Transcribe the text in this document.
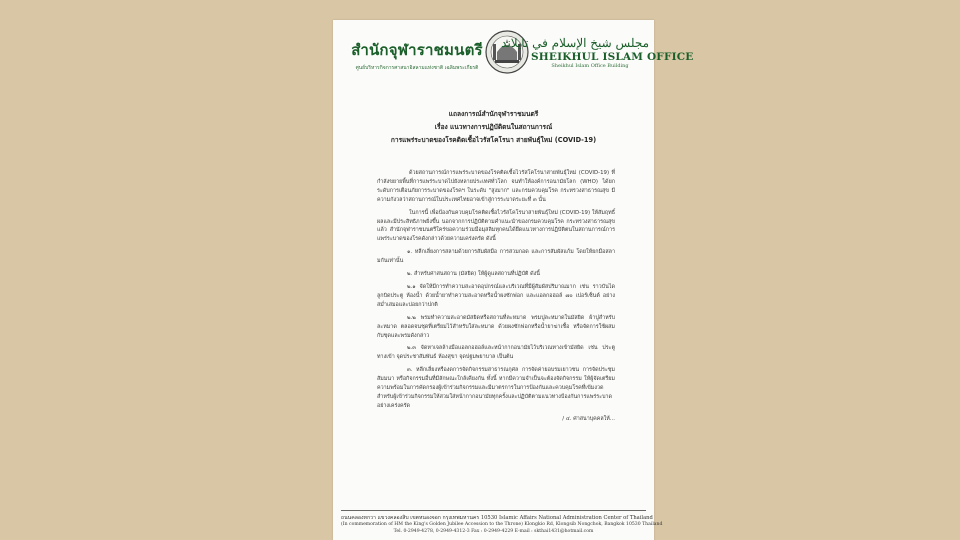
สำนักจุฬาราชมนตรี
ศูนย์บริหารกิจการศาสนาอิสลามแห่งชาติ เฉลิมพระเกียรติ
مجلس شيخ الإسلام في تايلاند
SHEIKHUL ISLAM OFFICE
Sheikhul Islam Office Building
แถลงการณ์สำนักจุฬาราชมนตรี
เรื่อง แนวทางการปฏิบัติตนในสถานการณ์
การแพร่ระบาดของโรคติดเชื้อไวรัสโคโรนา สายพันธุ์ใหม่ (COVID-19)

ด้วยสถานการณ์การแพร่ระบาดของโรคติดเชื้อไวรัสโคโรนาสายพันธุ์ใหม่ (COVID-19) ที่กำลังขยายพื้นที่การแพร่ระบาดไปยังหลายประเทศทั่วโลก จนทำให้องค์การอนามัยโลก (WHO) ได้ยกระดับการเตือนภัยการระบาดของโรคฯ ในระดับ "สูงมาก" และกรมควบคุมโรค กระทรวงสาธารณสุข มีความกังวลว่าสถานการณ์ในประเทศไทยอาจเข้าสู่การระบาดระยะที่ ๓ นั้น

ในการนี้ เพื่อป้องกันควบคุมโรคติดเชื้อไวรัสโคโรนาสายพันธุ์ใหม่ (COVID-19) ให้สัมฤทธิ์ผลและมีประสิทธิภาพยิ่งขึ้น นอกจากการปฏิบัติตามคำแนะนำของกรมควบคุมโรค กระทรวงสาธารณสุข แล้ว สำนักจุฬาราชมนตรีใคร่ขอความร่วมมือมุสลิมทุกคนได้ยึดแนวทางการปฏิบัติตนในสถานการณ์การแพร่ระบาดของโรคดังกล่าวด้วยความเคร่งครัด ดังนี้

๑. หลีกเลี่ยงการสลามด้วยการสัมผัสมือ การสวมกอด และการสัมผัสแก้ม โดยให้ยกมือสลามกันเท่านั้น

๒. สำหรับศาสนสถาน (มัสยิด) ให้ผู้ดูแลสถานที่ปฏิบัติ ดังนี้

๒.๑ จัดให้มีการทำความสะอาดอุปกรณ์และบริเวณที่มีผู้สัมผัสปริมาณมาก เช่น ราวบันได ลูกบิดประตู ห้องน้ำ ด้วยน้ำยาทำความสะอาดหรือน้ำผงซักฟอก และแอลกอฮอล์ ๗๐ เปอร์เซ็นต์ อย่างสม่ำเสมอและบ่อยกว่าปกติ

๒.๒ พรมทำความสะอาดมัสยิดหรือสถานที่ละหมาด พรมปูละหมาดในมัสยิด ผ้าปูสำหรับละหมาด ตลอดจนชุดที่เตรียมไว้สำหรับใส่ละหมาด ด้วยผงซักฟอกหรือน้ำยาฆ่าเชื้อ หรือจัดการใช้ผสมกับชุดและพรมดังกล่าว

๒.๓ จัดหาเจลล้างมือแอลกอฮอล์และหน้ากากอนามัยไว้บริเวณทางเข้ามัสยิด เช่น ประตูทางเข้า จุดประชาสัมพันธ์ ห้องสุขา จุดปฐมพยาบาล เป็นต้น

๓. หลีกเลี่ยงหรืองดการจัดกิจกรรมสาธารณกุศล การจัดค่ายอบรมเยาวชน การจัดประชุมสัมมนา หรือกิจกรรมอื่นที่มีลักษณะใกล้เคียงกัน ทั้งนี้ หากมีความจำเป็นจะต้องจัดกิจกรรม ให้ผู้จัดเตรียมความพร้อมในการคัดกรองผู้เข้าร่วมกิจกรรมและมีมาตรการในการป้องกันและควบคุมโรคที่เข้มงวด สำหรับผู้เข้าร่วมกิจกรรมให้สวมใส่หน้ากากอนามัยทุกครั้งและปฏิบัติตามแนวทางป้องกันการแพร่ระบาดอย่างเคร่งครัด

/ ๔. ศาสนาบุคคลให้...
ถนนคลองหกวา แขวงคลองสิบ เขตหนองจอก กรุงเทพมหานคร 10530 Islamic Affairs National Administration Center of Thailand
(In commemoration of HM the King's Golden Jubilee Accession to the Throne) Klongkio Rd, Klongsib Nongchok, Bangkok 10530 Thailand
Tel. 0-2949-4278, 0-2949-4312-3 Fax : 0-2949-4229 E-mail : skthai1431@hotmail.com
